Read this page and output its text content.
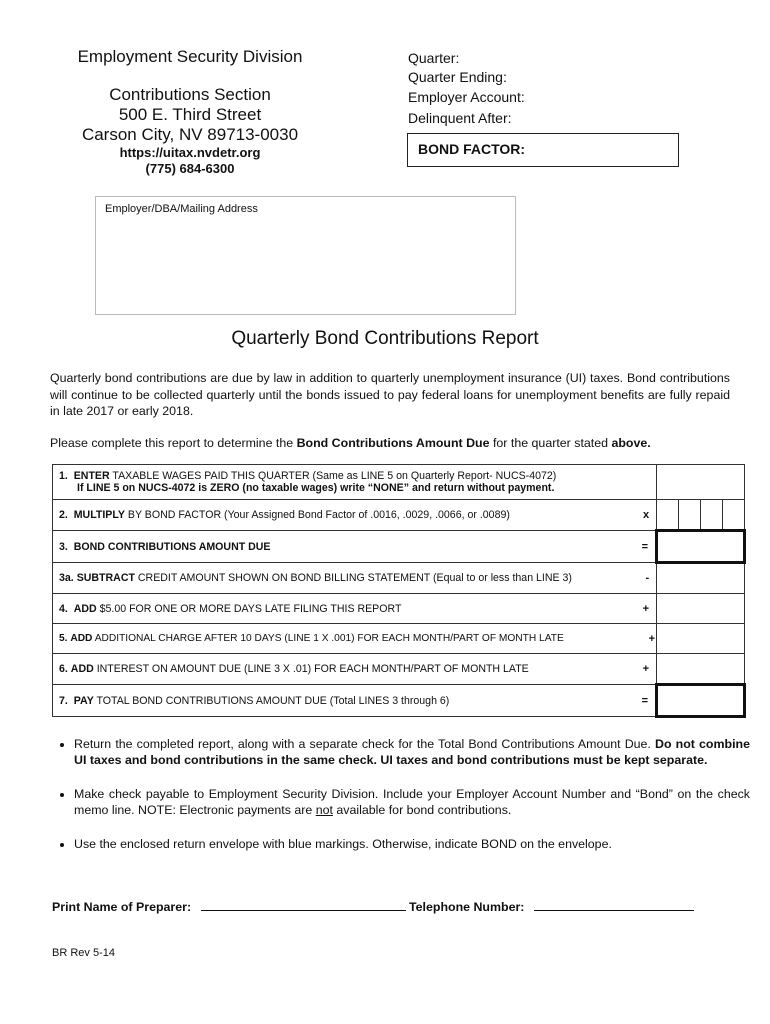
Employment Security Division
Contributions Section
500 E. Third Street
Carson City, NV 89713-0030
https://uitax.nvdetr.org
(775) 684-6300
Quarter:
Quarter Ending:
Employer Account:
Delinquent After:
BOND FACTOR:
Employer/DBA/Mailing Address
Quarterly Bond Contributions Report
Quarterly bond contributions are due by law in addition to quarterly unemployment insurance (UI) taxes. Bond contributions will continue to be collected quarterly until the bonds issued to pay federal loans for unemployment benefits are fully repaid in late 2017 or early 2018.
Please complete this report to determine the Bond Contributions Amount Due for the quarter stated above.
1. ENTER TAXABLE WAGES PAID THIS QUARTER (Same as LINE 5 on Quarterly Report- NUCS-4072)
If LINE 5 on NUCS-4072 is ZERO (no taxable wages) write “NONE” and return without payment.	

2. MULTIPLY BY BOND FACTOR (Your Assigned Bond Factor of .0016, .0029, .0066, or .0089) x	

3. BOND CONTRIBUTIONS AMOUNT DUE =	

3a. SUBTRACT CREDIT AMOUNT SHOWN ON BOND BILLING STATEMENT (Equal to or less than LINE 3) -	

4. ADD $5.00 FOR ONE OR MORE DAYS LATE FILING THIS REPORT +	

5. ADD ADDITIONAL CHARGE AFTER 10 DAYS (LINE 1 X .001) FOR EACH MONTH/PART OF MONTH LATE +	

6. ADD INTEREST ON AMOUNT DUE (LINE 3 X .01) FOR EACH MONTH/PART OF MONTH LATE +	

7. PAY TOTAL BOND CONTRIBUTIONS AMOUNT DUE (Total LINES 3 through 6) =	

• Return the completed report, along with a separate check for the Total Bond Contributions Amount Due. Do not combine UI taxes and bond contributions in the same check. UI taxes and bond contributions must be kept separate.
• Make check payable to Employment Security Division. Include your Employer Account Number and “Bond” on the check memo line. NOTE: Electronic payments are not available for bond contributions.
• Use the enclosed return envelope with blue markings. Otherwise, indicate BOND on the envelope.
Print Name of Preparer:	Telephone Number:
BR Rev 5-14
